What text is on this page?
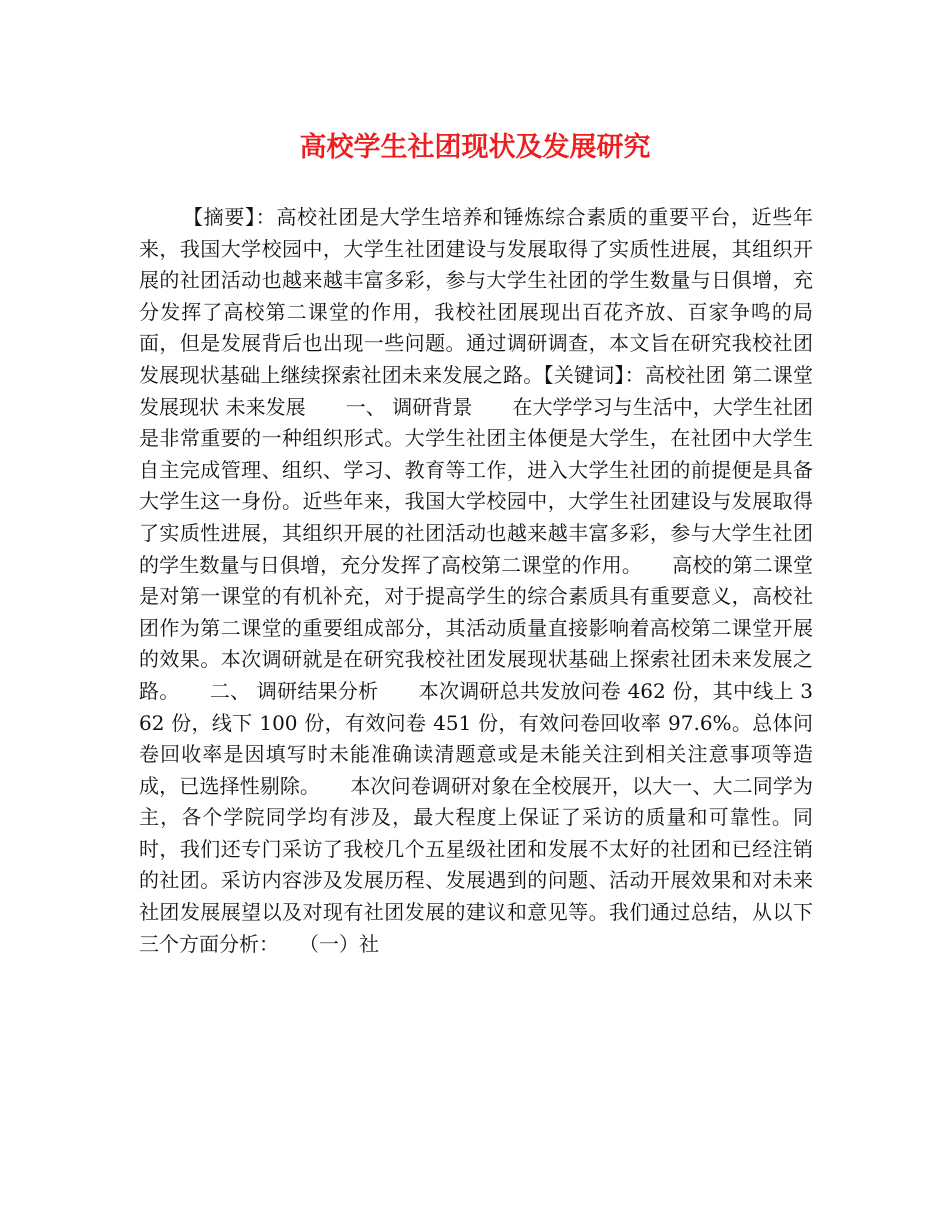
高校学生社团现状及发展研究

【摘要】：高校社团是大学生培养和锤炼综合素质的重要平台，近些年来，我国大学校园中，大学生社团建设与发展取得了实质性进展，其组织开展的社团活动也越来越丰富多彩，参与大学生社团的学生数量与日俱增，充分发挥了高校第二课堂的作用，我校社团展现出百花齐放、百家争鸣的局面，但是发展背后也出现一些问题。通过调研调查，本文旨在研究我校社团发展现状基础上继续探索社团未来发展之路。【关键词】：高校社团 第二课堂 发展现状 未来发展　　一、 调研背景　　在大学学习与生活中，大学生社团是非常重要的一种组织形式。大学生社团主体便是大学生，在社团中大学生自主完成管理、组织、学习、教育等工作，进入大学生社团的前提便是具备大学生这一身份。近些年来，我国大学校园中，大学生社团建设与发展取得了实质性进展，其组织开展的社团活动也越来越丰富多彩，参与大学生社团的学生数量与日俱增，充分发挥了高校第二课堂的作用。　　高校的第二课堂是对第一课堂的有机补充，对于提高学生的综合素质具有重要意义，高校社团作为第二课堂的重要组成部分，其活动质量直接影响着高校第二课堂开展的效果。本次调研就是在研究我校社团发展现状基础上探索社团未来发展之路。　　二、 调研结果分析　　本次调研总共发放问卷 462 份，其中线上 362 份，线下 100 份，有效问卷 451 份，有效问卷回收率 97.6%。总体问卷回收率是因填写时未能准确读清题意或是未能关注到相关注意事项等造成，已选择性剔除。　　本次问卷调研对象在全校展开，以大一、大二同学为主，各个学院同学均有涉及，最大程度上保证了采访的质量和可靠性。同时，我们还专门采访了我校几个五星级社团和发展不太好的社团和已经注销的社团。采访内容涉及发展历程、发展遇到的问题、活动开展效果和对未来社团发展展望以及对现有社团发展的建议和意见等。我们通过总结，从以下三个方面分析：　　（一）社
